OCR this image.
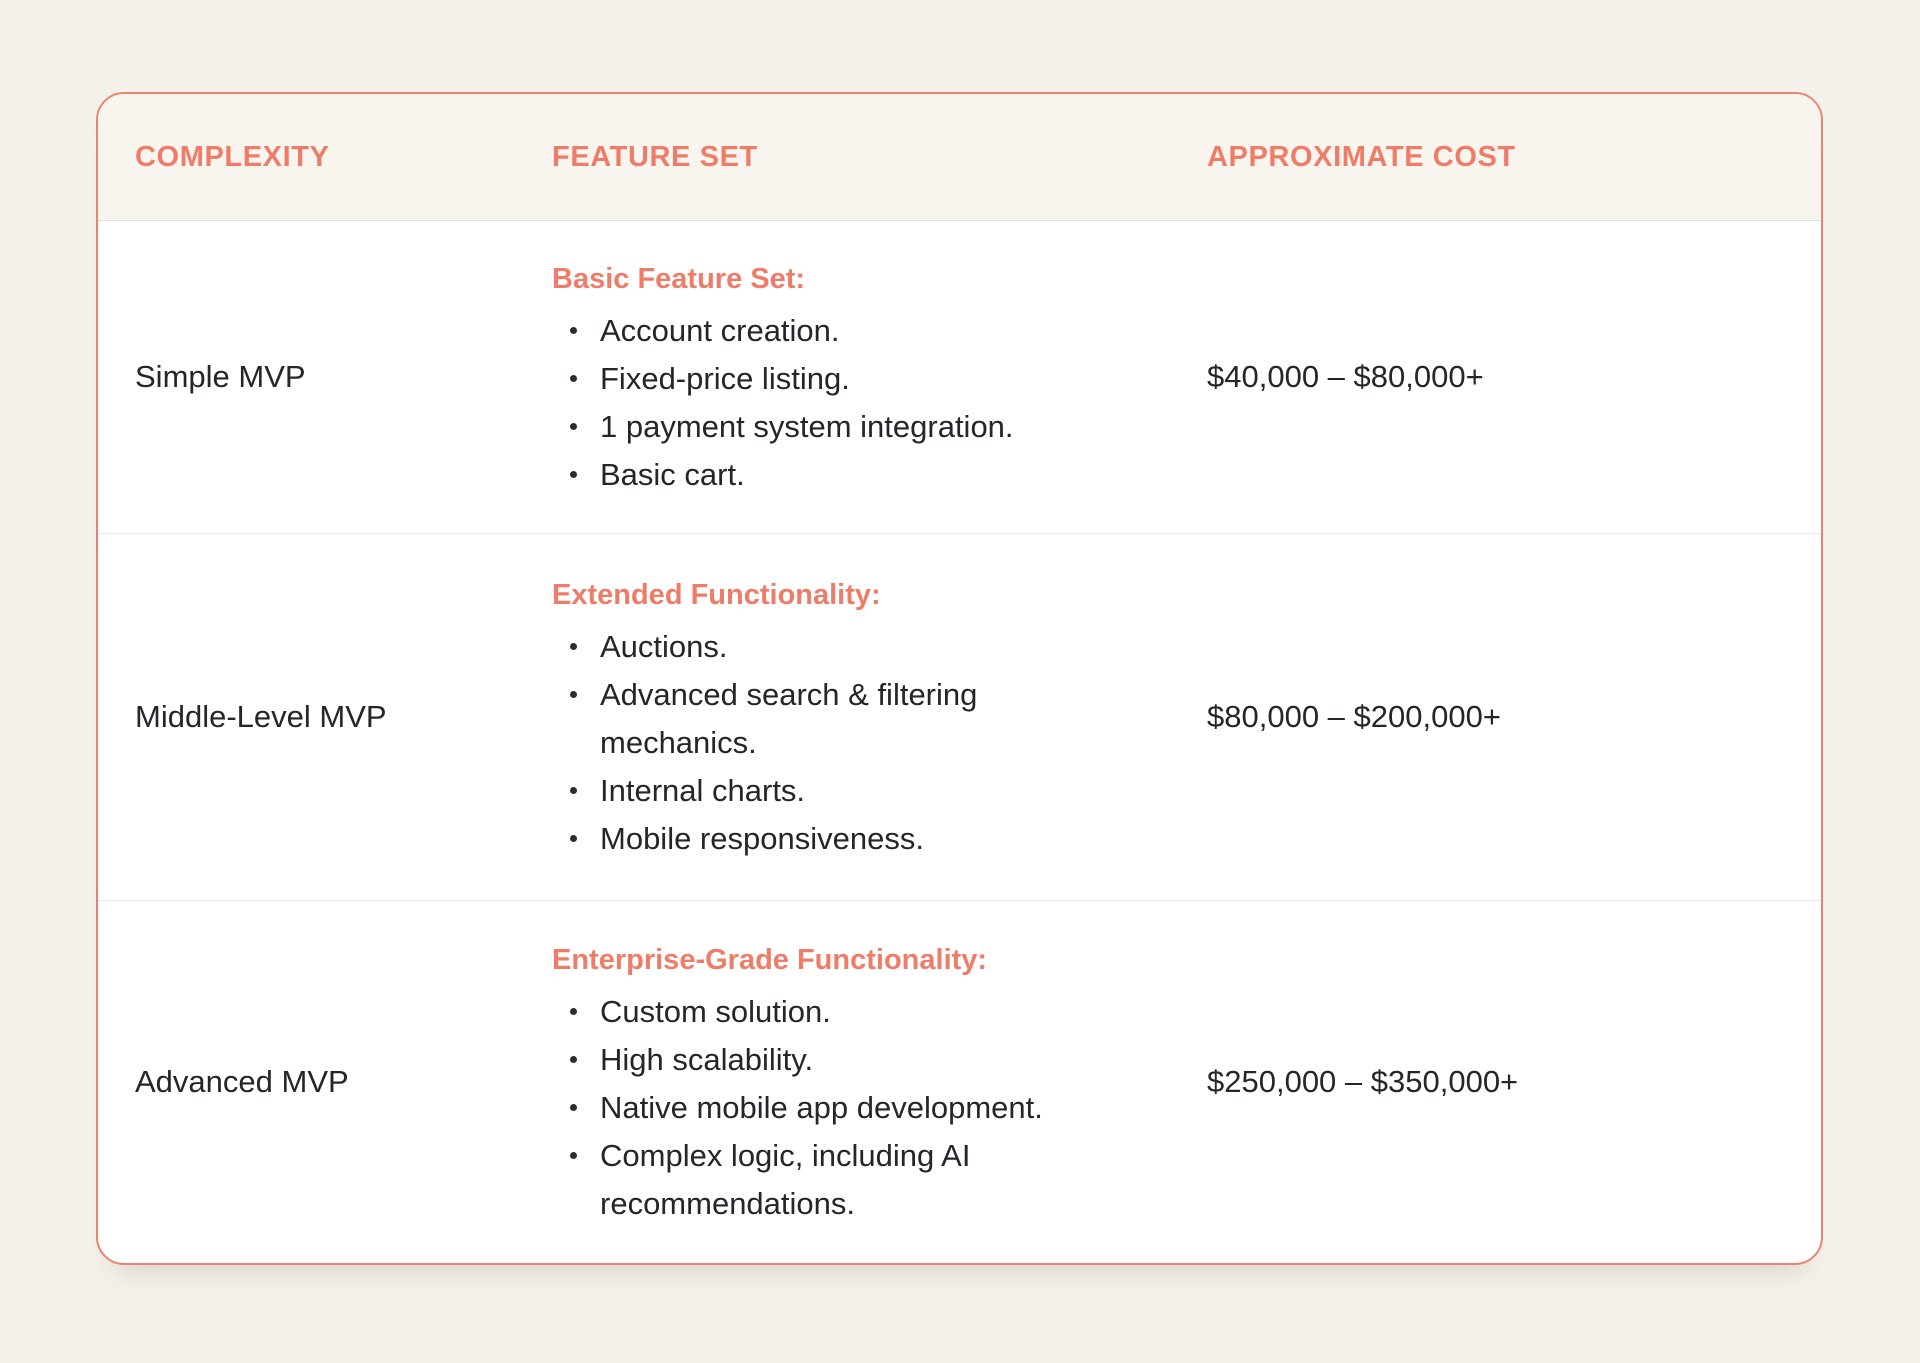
COMPLEXITY	FEATURE SET	APPROXIMATE COST
Simple MVP
Basic Feature Set:
Account creation.
Fixed-price listing.
1 payment system integration.
Basic cart.
$40,000 – $80,000+
Middle-Level MVP
Extended Functionality:
Auctions.
Advanced search & filtering mechanics.
Internal charts.
Mobile responsiveness.
$80,000 – $200,000+
Advanced MVP
Enterprise-Grade Functionality:
Custom solution.
High scalability.
Native mobile app development.
Complex logic, including AI recommendations.
$250,000 – $350,000+
